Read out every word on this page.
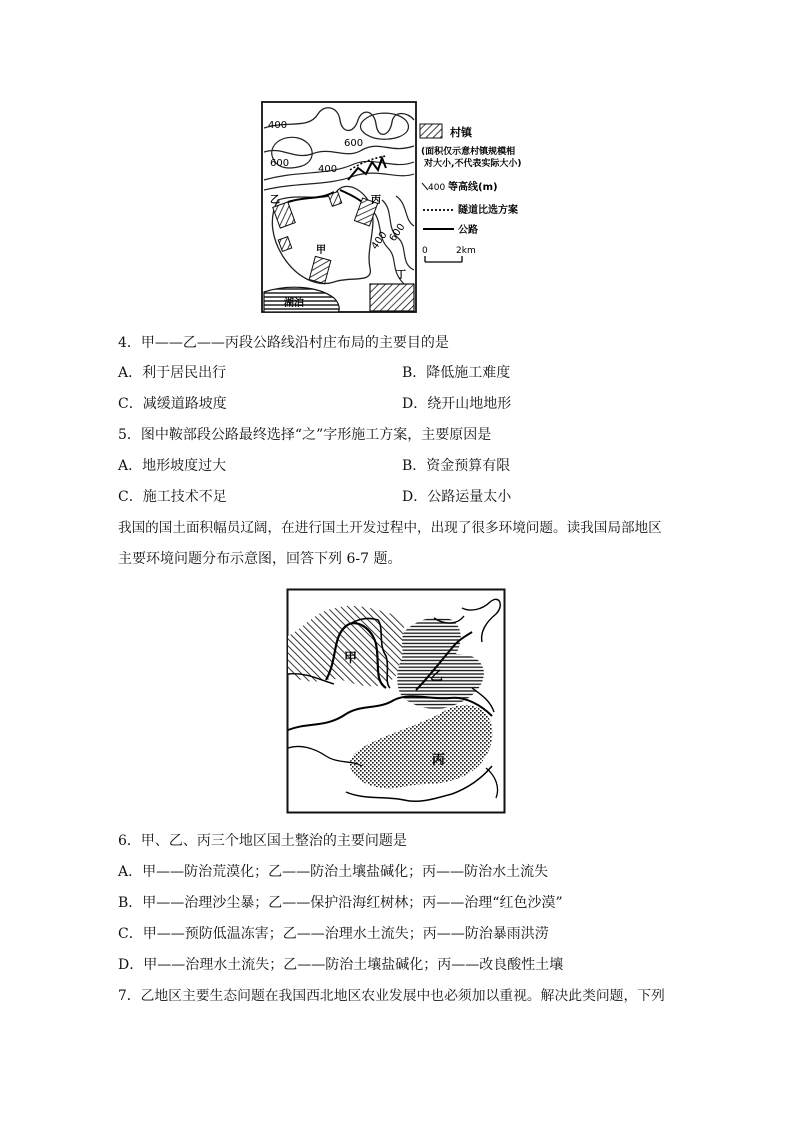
400
600
600
400
400
600
乙	丙
甲
丁
湖泊
村镇
(面积仅示意村镇规模相
对大小,不代表实际大小)
400 等高线(m)
隧道比选方案
公路
0	2km
4．甲——乙——丙段公路线沿村庄布局的主要目的是
A．利于居民出行	B．降低施工难度
C．减缓道路坡度	D．绕开山地地形
5．图中鞍部段公路最终选择“之”字形施工方案，主要原因是
A．地形坡度过大	B．资金预算有限
C．施工技术不足	D．公路运量太小
我国的国土面积幅员辽阔，在进行国土开发过程中，出现了很多环境问题。读我国局部地区
主要环境问题分布示意图，回答下列 6-7 题。
甲
乙
丙
6．甲、乙、丙三个地区国土整治的主要问题是
A．甲——防治荒漠化；乙——防治土壤盐碱化；丙——防治水土流失
B．甲——治理沙尘暴；乙——保护沿海红树林；丙——治理“红色沙漠”
C．甲——预防低温冻害；乙——治理水土流失；丙——防治暴雨洪涝
D．甲——治理水土流失；乙——防治土壤盐碱化；丙——改良酸性土壤
7．乙地区主要生态问题在我国西北地区农业发展中也必须加以重视。解决此类问题，下列
